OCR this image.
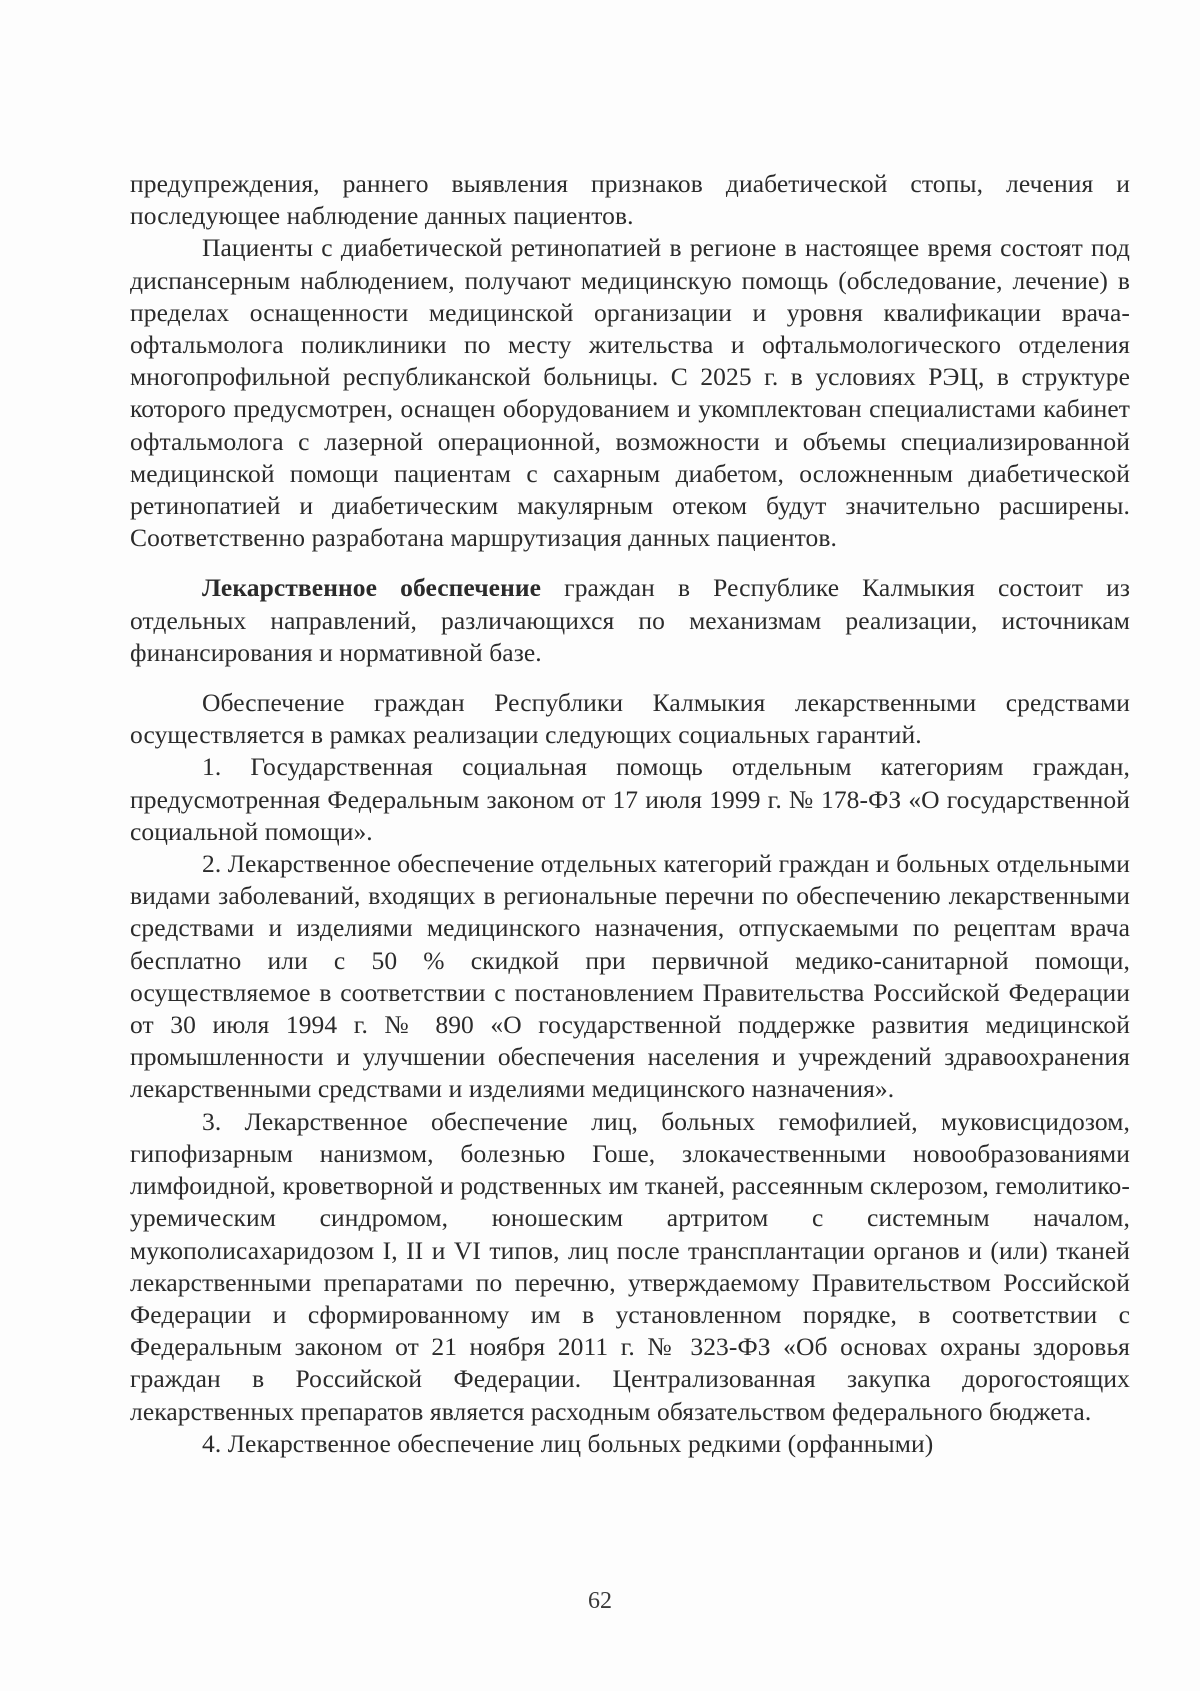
предупреждения, раннего выявления признаков диабетической стопы, лечения и последующее наблюдение данных пациентов.

Пациенты с диабетической ретинопатией в регионе в настоящее время состоят под диспансерным наблюдением, получают медицинскую помощь (обследование, лечение) в пределах оснащенности медицинской организации и уровня квалификации врача-офтальмолога поликлиники по месту жительства и офтальмологического отделения многопрофильной республиканской больницы. С 2025 г. в условиях РЭЦ, в структуре которого предусмотрен, оснащен оборудованием и укомплектован специалистами кабинет офтальмолога с лазерной операционной, возможности и объемы специализированной медицинской помощи пациентам с сахарным диабетом, осложненным диабетической ретинопатией и диабетическим макулярным отеком будут значительно расширены. Соответственно разработана маршрутизация данных пациентов.

Лекарственное обеспечение граждан в Республике Калмыкия состоит из отдельных направлений, различающихся по механизмам реализации, источникам финансирования и нормативной базе.

Обеспечение граждан Республики Калмыкия лекарственными средствами осуществляется в рамках реализации следующих социальных гарантий.

1. Государственная социальная помощь отдельным категориям граждан, предусмотренная Федеральным законом от 17 июля 1999 г. № 178-ФЗ «О государственной социальной помощи».

2. Лекарственное обеспечение отдельных категорий граждан и больных отдельными видами заболеваний, входящих в региональные перечни по обеспечению лекарственными средствами и изделиями медицинского назначения, отпускаемыми по рецептам врача бесплатно или с 50 % скидкой при первичной медико-санитарной помощи, осуществляемое в соответствии с постановлением Правительства Российской Федерации от 30 июля 1994 г. № 890 «О государственной поддержке развития медицинской промышленности и улучшении обеспечения населения и учреждений здравоохранения лекарственными средствами и изделиями медицинского назначения».

3. Лекарственное обеспечение лиц, больных гемофилией, муковисцидозом, гипофизарным нанизмом, болезнью Гоше, злокачественными новообразованиями лимфоидной, кроветворной и родственных им тканей, рассеянным склерозом, гемолитико-уремическим синдромом, юношеским артритом с системным началом, мукополисахаридозом I, II и VI типов, лиц после трансплантации органов и (или) тканей лекарственными препаратами по перечню, утверждаемому Правительством Российской Федерации и сформированному им в установленном порядке, в соответствии с Федеральным законом от 21 ноября 2011 г. № 323-ФЗ «Об основах охраны здоровья граждан в Российской Федерации. Централизованная закупка дорогостоящих лекарственных препаратов является расходным обязательством федерального бюджета.

4. Лекарственное обеспечение лиц больных редкими (орфанными)

62
